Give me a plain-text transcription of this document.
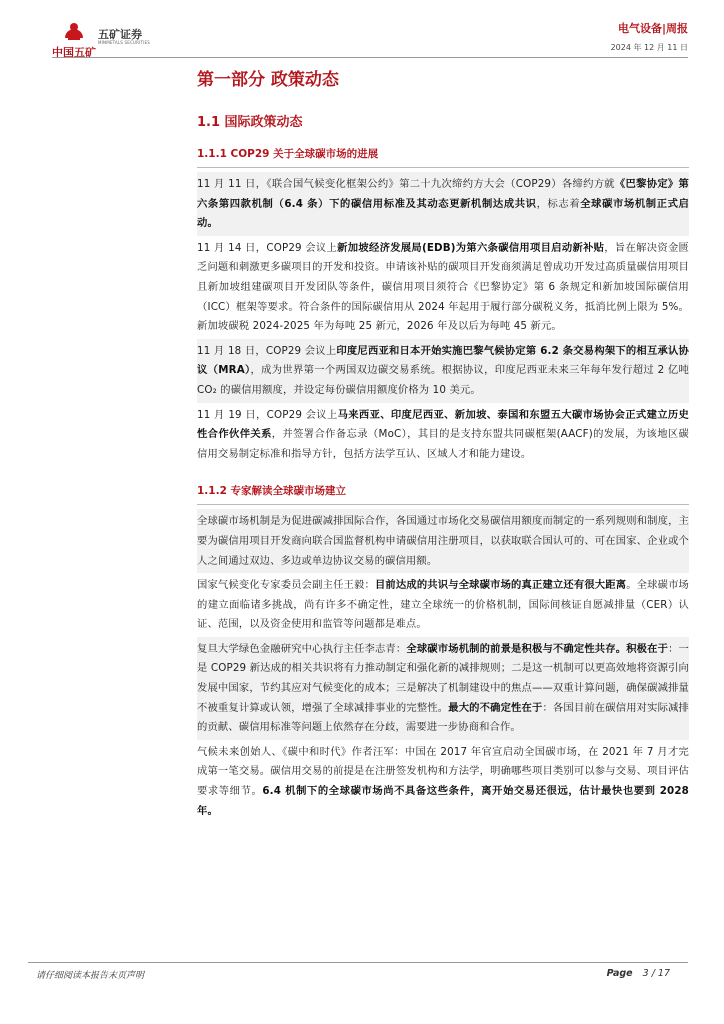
中国五矿
五矿证券
MINMETALS SECURITIES
电气设备|周报
2024 年 12 月 11 日
第一部分 政策动态
1.1 国际政策动态
1.1.1 COP29 关于全球碳市场的进展

11 月 11 日，《联合国气候变化框架公约》第二十九次缔约方大会（COP29）各缔约方就《巴黎协定》第六条第四款机制（6.4 条）下的碳信用标准及其动态更新机制达成共识，标志着全球碳市场机制正式启动。

11 月 14 日，COP29 会议上新加坡经济发展局(EDB)为第六条碳信用项目启动新补贴，旨在解决资金匮乏问题和刺激更多碳项目的开发和投资。申请该补贴的碳项目开发商须满足曾成功开发过高质量碳信用项目且新加坡组建碳项目开发团队等条件，碳信用项目须符合《巴黎协定》第 6 条规定和新加坡国际碳信用（ICC）框架等要求。符合条件的国际碳信用从 2024 年起用于履行部分碳税义务，抵消比例上限为 5%。新加坡碳税 2024-2025 年为每吨 25 新元，2026 年及以后为每吨 45 新元。

11 月 18 日，COP29 会议上印度尼西亚和日本开始实施巴黎气候协定第 6.2 条交易构架下的相互承认协议（MRA），成为世界第一个两国双边碳交易系统。根据协议，印度尼西亚未来三年每年发行超过 2 亿吨 CO₂ 的碳信用额度，并设定每份碳信用额度价格为 10 美元。

11 月 19 日，COP29 会议上马来西亚、印度尼西亚、新加坡、泰国和东盟五大碳市场协会正式建立历史性合作伙伴关系，并签署合作备忘录（MoC），其目的是支持东盟共同碳框架(AACF)的发展，为该地区碳信用交易制定标准和指导方针，包括方法学互认、区域人才和能力建设。

1.1.2 专家解读全球碳市场建立

全球碳市场机制是为促进碳减排国际合作，各国通过市场化交易碳信用额度而制定的一系列规则和制度，主要为碳信用项目开发商向联合国监督机构申请碳信用注册项目，以获取联合国认可的、可在国家、企业或个人之间通过双边、多边或单边协议交易的碳信用额。

国家气候变化专家委员会副主任王毅：目前达成的共识与全球碳市场的真正建立还有很大距离。全球碳市场的建立面临诸多挑战，尚有许多不确定性，建立全球统一的价格机制，国际间核证自愿减排量（CER）认证、范围，以及资金使用和监管等问题都是难点。

复旦大学绿色金融研究中心执行主任李志青：全球碳市场机制的前景是积极与不确定性共存。积极在于：一是 COP29 新达成的相关共识将有力推动制定和强化新的减排规则；二是这一机制可以更高效地将资源引向发展中国家，节约其应对气候变化的成本；三是解决了机制建设中的焦点——双重计算问题，确保碳减排量不被重复计算或认领，增强了全球减排事业的完整性。最大的不确定性在于：各国目前在碳信用对实际减排的贡献、碳信用标准等问题上依然存在分歧，需要进一步协商和合作。

气候未来创始人、《碳中和时代》作者汪军：中国在 2017 年官宣启动全国碳市场，在 2021 年 7 月才完成第一笔交易。碳信用交易的前提是在注册签发机构和方法学，明确哪些项目类别可以参与交易、项目评估要求等细节。6.4 机制下的全球碳市场尚不具备这些条件，离开始交易还很远，估计最快也要到 2028 年。

请仔细阅读本报告末页声明	Page 3 / 17
